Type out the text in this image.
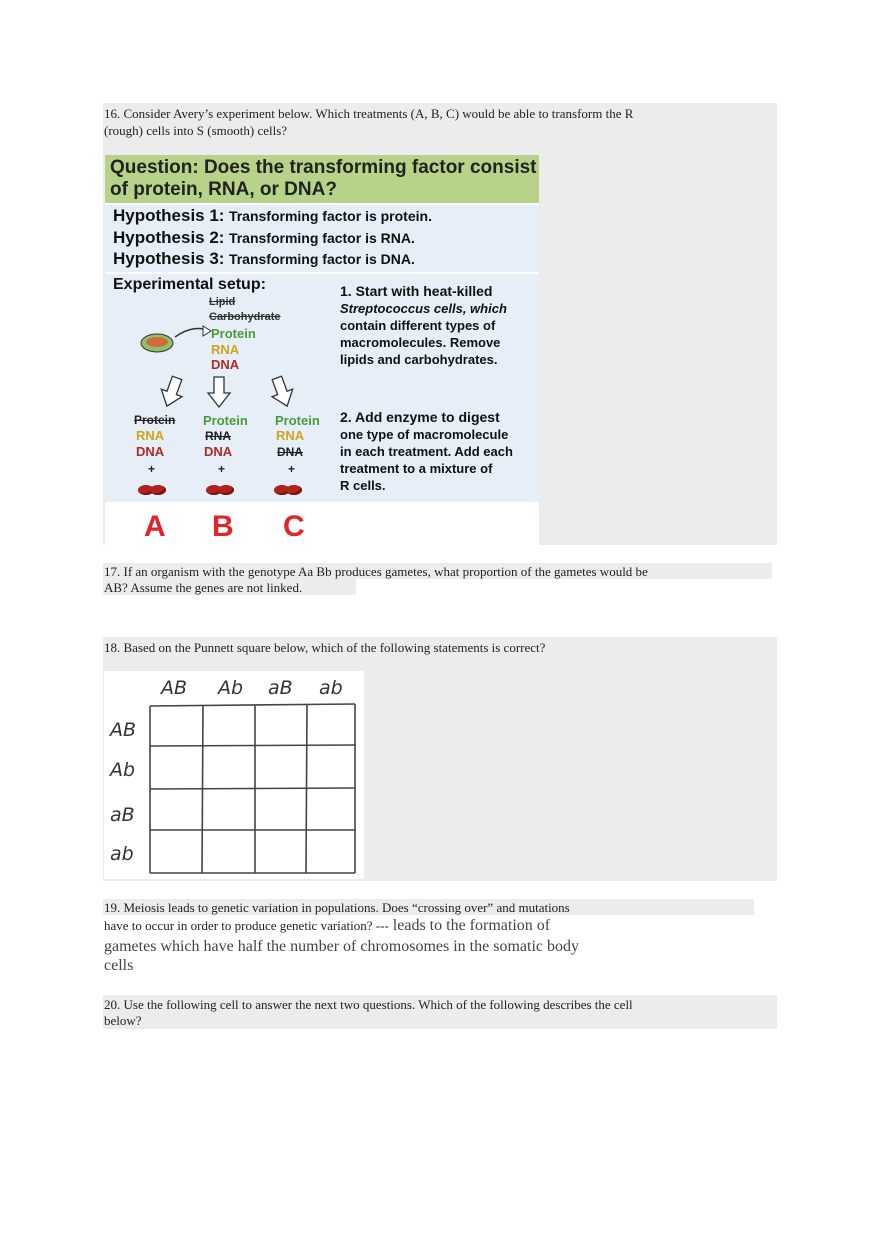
16. Consider Avery’s experiment below. Which treatments (A, B, C) would be able to transform the R
(rough) cells into S (smooth) cells?
Question: Does the transforming factor consist
of protein, RNA, or DNA?
Hypothesis 1: Transforming factor is protein.
Hypothesis 2: Transforming factor is RNA.
Hypothesis 3: Transforming factor is DNA.
Experimental setup:
Lipid
Carbohydrate
Protein
RNA
DNA
1. Start with heat-killed
Streptococcus cells, which
contain different types of
macromolecules. Remove
lipids and carbohydrates.
Protein
RNA
DNA
+
A
Protein
RNA
DNA
+
B
Protein
RNA
DNA
+
C
2. Add enzyme to digest
one type of macromolecule
in each treatment. Add each
treatment to a mixture of
R cells.
17. If an organism with the genotype Aa Bb produces gametes, what proportion of the gametes would be
AB? Assume the genes are not linked.
18. Based on the Punnett square below, which of the following statements is correct?
AB Ab aB ab
AB
Ab
aB
ab
19. Meiosis leads to genetic variation in populations. Does “crossing over” and mutations
have to occur in order to produce genetic variation? --- leads to the formation of
gametes which have half the number of chromosomes in the somatic body
cells
20. Use the following cell to answer the next two questions. Which of the following describes the cell
below?
